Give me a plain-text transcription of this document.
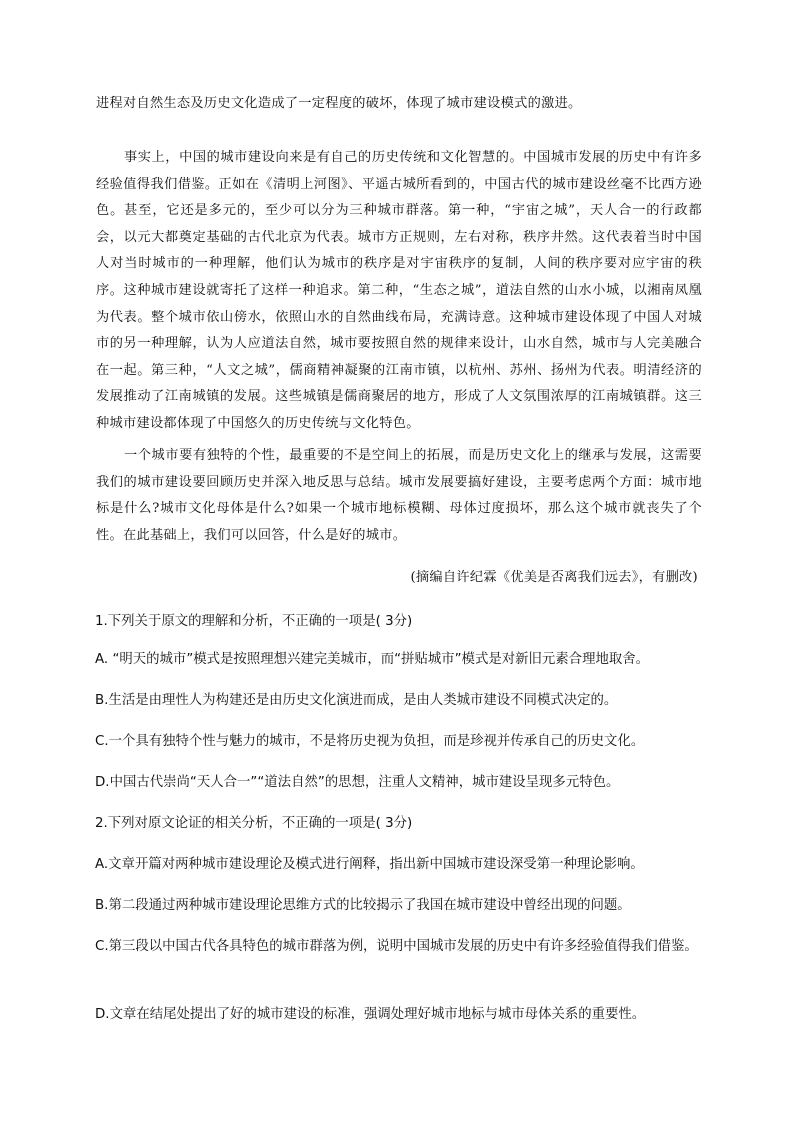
进程对自然生态及历史文化造成了一定程度的破坏，体现了城市建设模式的激进。

事实上，中国的城市建设向来是有自己的历史传统和文化智慧的。中国城市发展的历史中有许多经验值得我们借鉴。正如在《清明上河图》、平遥古城所看到的，中国古代的城市建设丝毫不比西方逊色。甚至，它还是多元的，至少可以分为三种城市群落。第一种，“宇宙之城”，天人合一的行政都会，以元大都奠定基础的古代北京为代表。城市方正规则，左右对称，秩序井然。这代表着当时中国人对当时城市的一种理解，他们认为城市的秩序是对宇宙秩序的复制，人间的秩序要对应宇宙的秩序。这种城市建设就寄托了这样一种追求。第二种，“生态之城”，道法自然的山水小城，以湘南凤凰为代表。整个城市依山傍水，依照山水的自然曲线布局，充满诗意。这种城市建设体现了中国人对城市的另一种理解，认为人应道法自然，城市要按照自然的规律来设计，山水自然，城市与人完美融合在一起。第三种，“人文之城”，儒商精神凝聚的江南市镇，以杭州、苏州、扬州为代表。明清经济的发展推动了江南城镇的发展。这些城镇是儒商聚居的地方，形成了人文氛围浓厚的江南城镇群。这三种城市建设都体现了中国悠久的历史传统与文化特色。

一个城市要有独特的个性，最重要的不是空间上的拓展，而是历史文化上的继承与发展，这需要我们的城市建设要回顾历史并深入地反思与总结。城市发展要搞好建设，主要考虑两个方面：城市地标是什么?城市文化母体是什么?如果一个城市地标模糊、母体过度损坏，那么这个城市就丧失了个性。在此基础上，我们可以回答，什么是好的城市。

(摘编自许纪霖《优美是否离我们远去》，有删改)

1.下列关于原文的理解和分析，不正确的一项是( 3分)

A. “明天的城市”模式是按照理想兴建完美城市，而“拼贴城市”模式是对新旧元素合理地取舍。

B.生活是由理性人为构建还是由历史文化演进而成，是由人类城市建设不同模式决定的。

C.一个具有独特个性与魅力的城市，不是将历史视为负担，而是珍视并传承自己的历史文化。

D.中国古代崇尚“天人合一”“道法自然”的思想，注重人文精神，城市建设呈现多元特色。

2.下列对原文论证的相关分析，不正确的一项是( 3分)

A.文章开篇对两种城市建设理论及模式进行阐释，指出新中国城市建设深受第一种理论影响。

B.第二段通过两种城市建设理论思维方式的比较揭示了我国在城市建设中曾经出现的问题。

C.第三段以中国古代各具特色的城市群落为例，说明中国城市发展的历史中有许多经验值得我们借鉴。

D.文章在结尾处提出了好的城市建设的标准，强调处理好城市地标与城市母体关系的重要性。
